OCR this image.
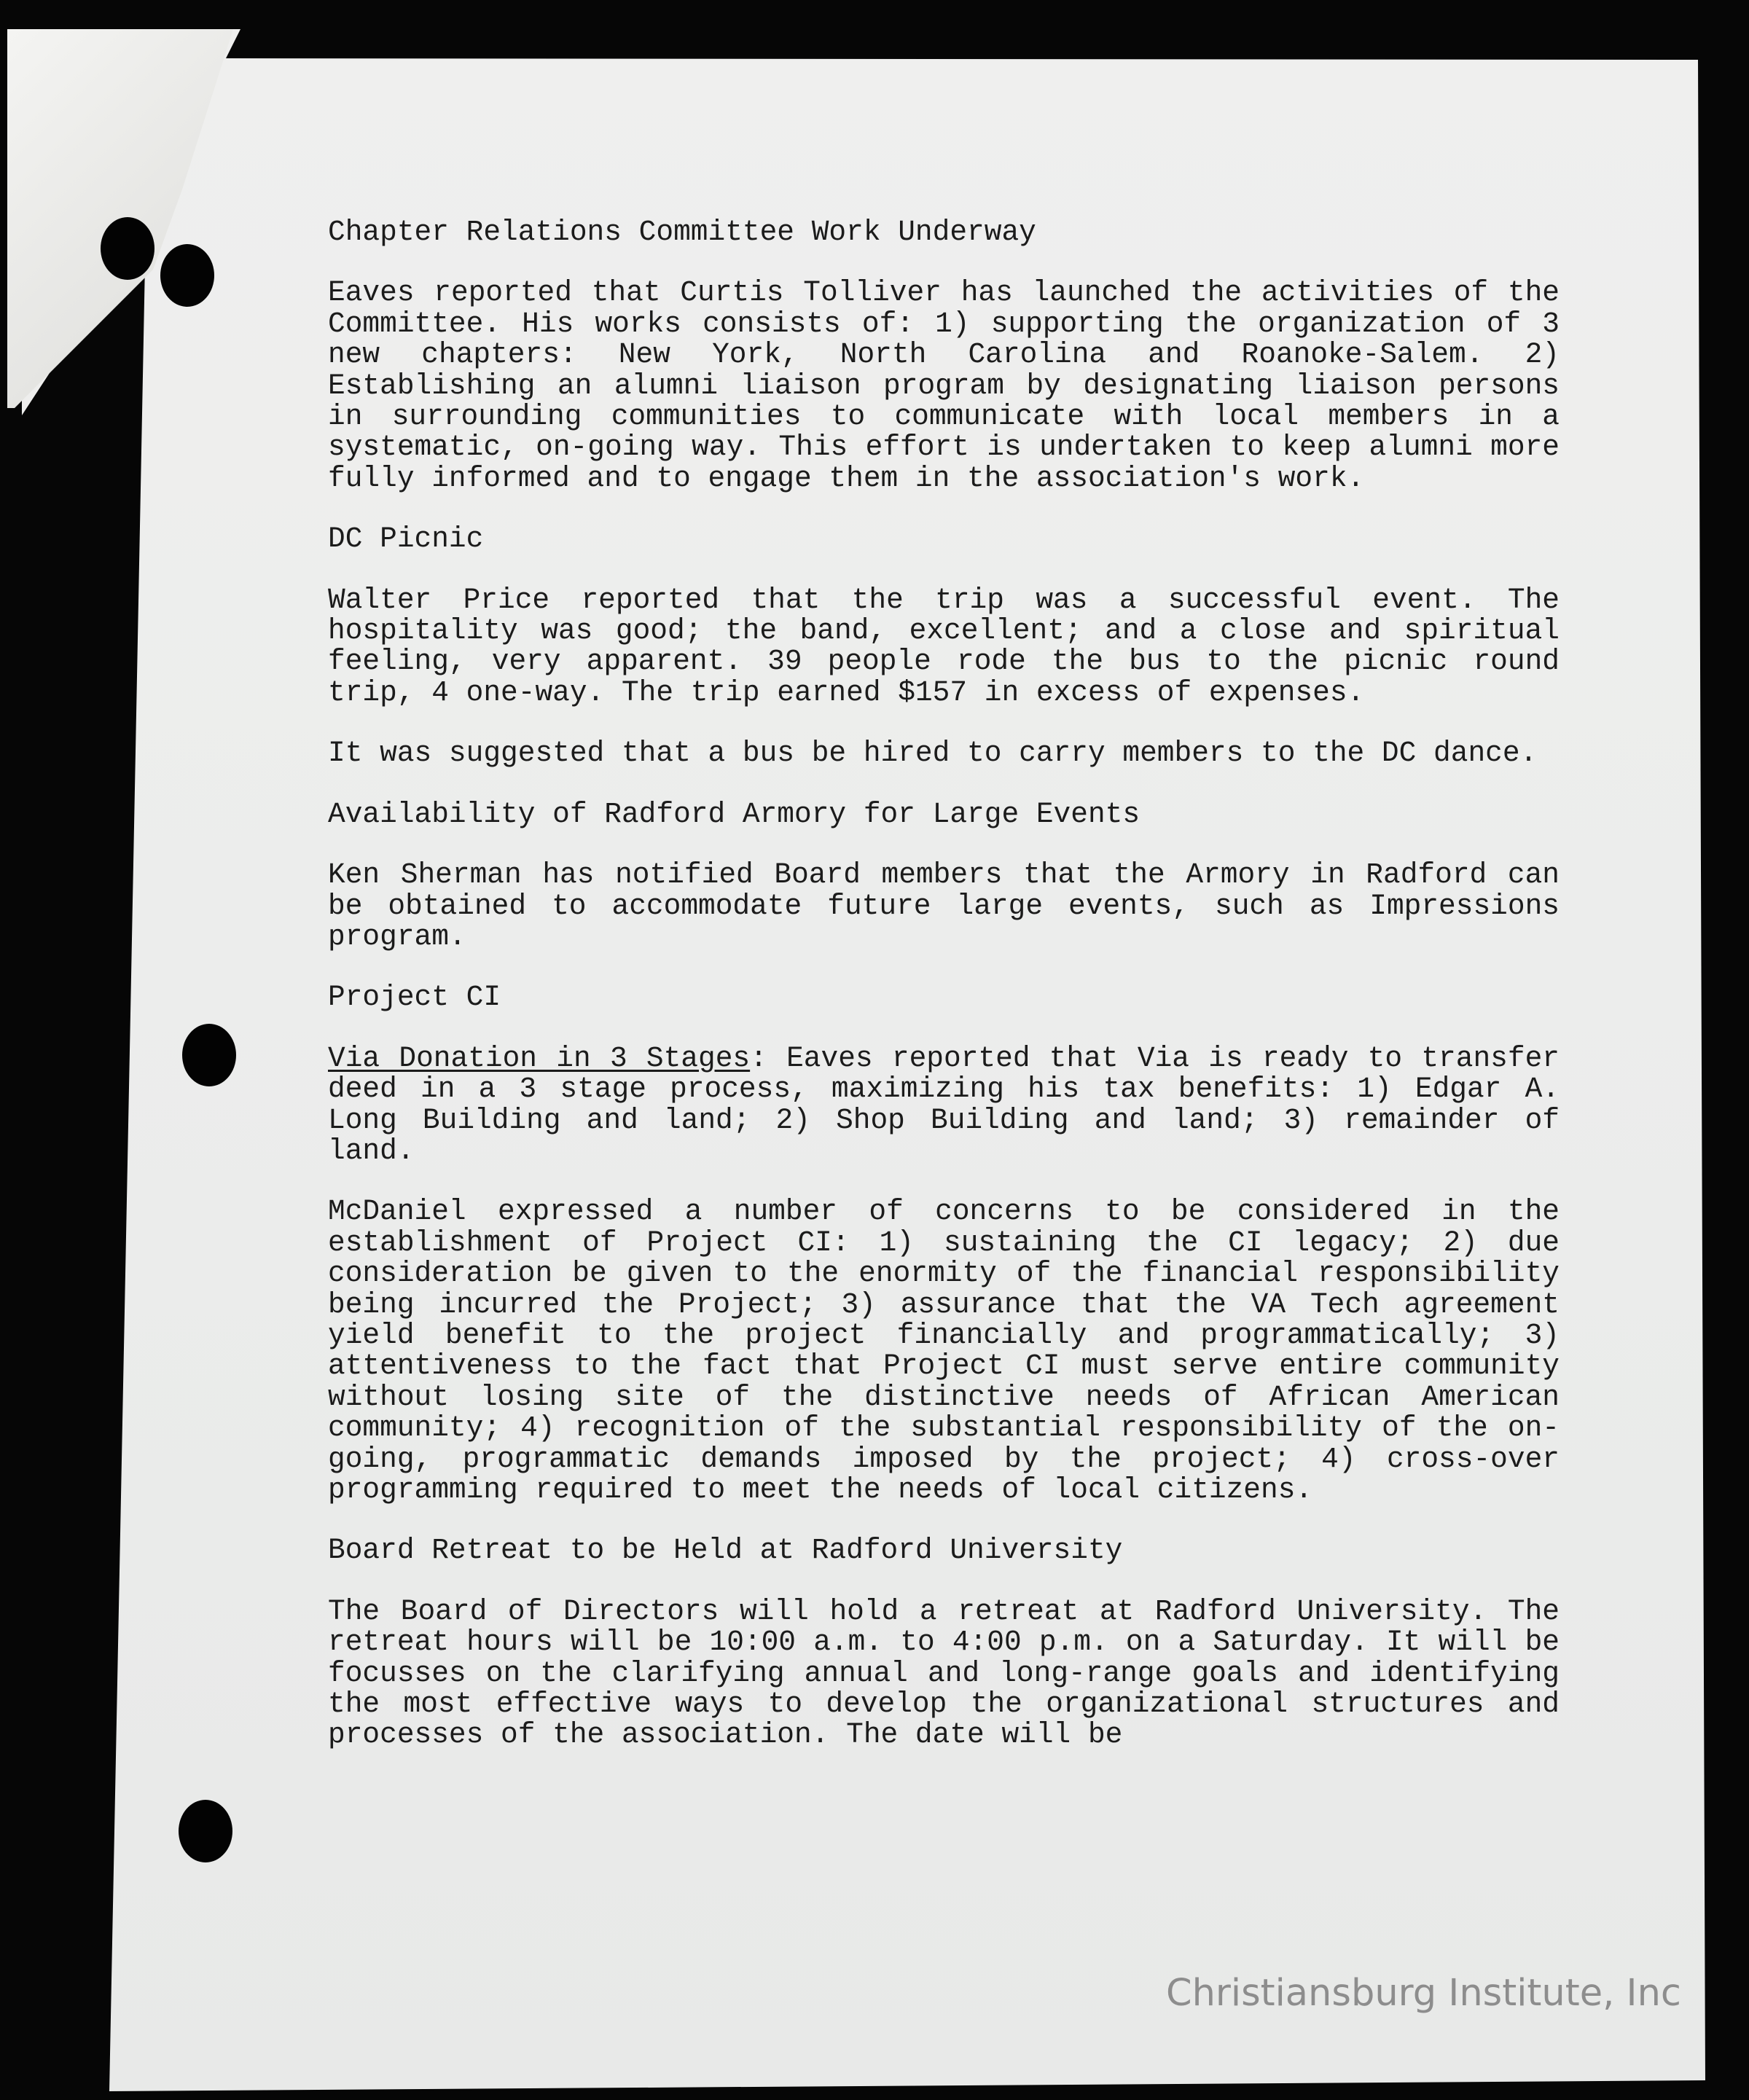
Chapter Relations Committee Work Underway
Eaves reported that Curtis Tolliver has launched the activities of the Committee. His works consists of: 1) supporting the organization of 3 new chapters: New York, North Carolina and Roanoke-Salem. 2) Establishing an alumni liaison program by designating liaison persons in surrounding communities to communicate with local members in a systematic, on-going way. This effort is undertaken to keep alumni more fully informed and to engage them in the association's work.
DC Picnic
Walter Price reported that the trip was a successful event. The hospitality was good; the band, excellent; and a close and spiritual feeling, very apparent. 39 people rode the bus to the picnic round trip, 4 one-way. The trip earned $157 in excess of expenses.
It was suggested that a bus be hired to carry members to the DC dance.
Availability of Radford Armory for Large Events
Ken Sherman has notified Board members that the Armory in Radford can be obtained to accommodate future large events, such as Impressions program.
Project CI
Via Donation in 3 Stages: Eaves reported that Via is ready to transfer deed in a 3 stage process, maximizing his tax benefits: 1) Edgar A. Long Building and land; 2) Shop Building and land; 3) remainder of land.
McDaniel expressed a number of concerns to be considered in the establishment of Project CI: 1) sustaining the CI legacy; 2) due consideration be given to the enormity of the financial responsibility being incurred the Project; 3) assurance that the VA Tech agreement yield benefit to the project financially and programmatically; 3) attentiveness to the fact that Project CI must serve entire community without losing site of the distinctive needs of African American community; 4) recognition of the substantial responsibility of the on-going, programmatic demands imposed by the project; 4) cross-over programming required to meet the needs of local citizens.
Board Retreat to be Held at Radford University
The Board of Directors will hold a retreat at Radford University. The retreat hours will be 10:00 a.m. to 4:00 p.m. on a Saturday. It will be focusses on the clarifying annual and long-range goals and identifying the most effective ways to develop the organizational structures and processes of the association. The date will be
Christiansburg Institute, Inc
